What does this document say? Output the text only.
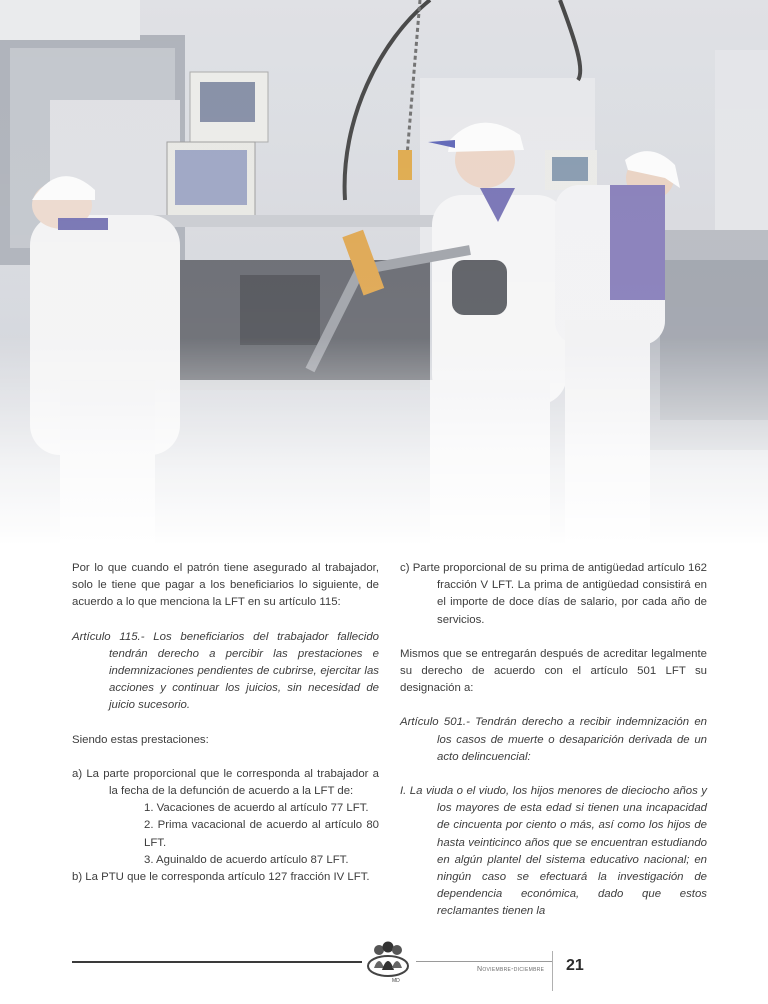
Por lo que cuando el patrón tiene asegurado al trabajador, solo le tiene que pagar a los beneficiarios lo siguiente, de acuerdo a lo que menciona la LFT en su artículo 115:

Artículo 115.- Los beneficiarios del trabajador fallecido tendrán derecho a percibir las prestaciones e indemnizaciones pendientes de cubrirse, ejercitar las acciones y continuar los juicios, sin necesidad de juicio sucesorio.

Siendo estas prestaciones:

a) La parte proporcional que le corresponda al trabajador a la fecha de la defunción de acuerdo a la LFT de:

1. Vacaciones de acuerdo al artículo 77 LFT.

2. Prima vacacional de acuerdo al artículo 80 LFT.

3. Aguinaldo de acuerdo artículo 87 LFT.

b) La PTU que le corresponda artículo 127 fracción IV LFT.

c) Parte proporcional de su prima de antigüedad artículo 162 fracción V LFT. La prima de antigüedad consistirá en el importe de doce días de salario, por cada año de servicios.

Mismos que se entregarán después de acreditar legalmente su derecho de acuerdo con el artículo 501 LFT su designación a:

Artículo 501.- Tendrán derecho a recibir indemnización en los casos de muerte o desaparición derivada de un acto delincuencial:

I. La viuda o el viudo, los hijos menores de dieciocho años y los mayores de esta edad si tienen una incapacidad de cincuenta por ciento o más, así como los hijos de hasta veinticinco años que se encuentran estudiando en algún plantel del sistema educativo nacional; en ningún caso se efectuará la investigación de dependencia económica, dado que estos reclamantes tienen la

MD
Noviembre-diciembre 21
